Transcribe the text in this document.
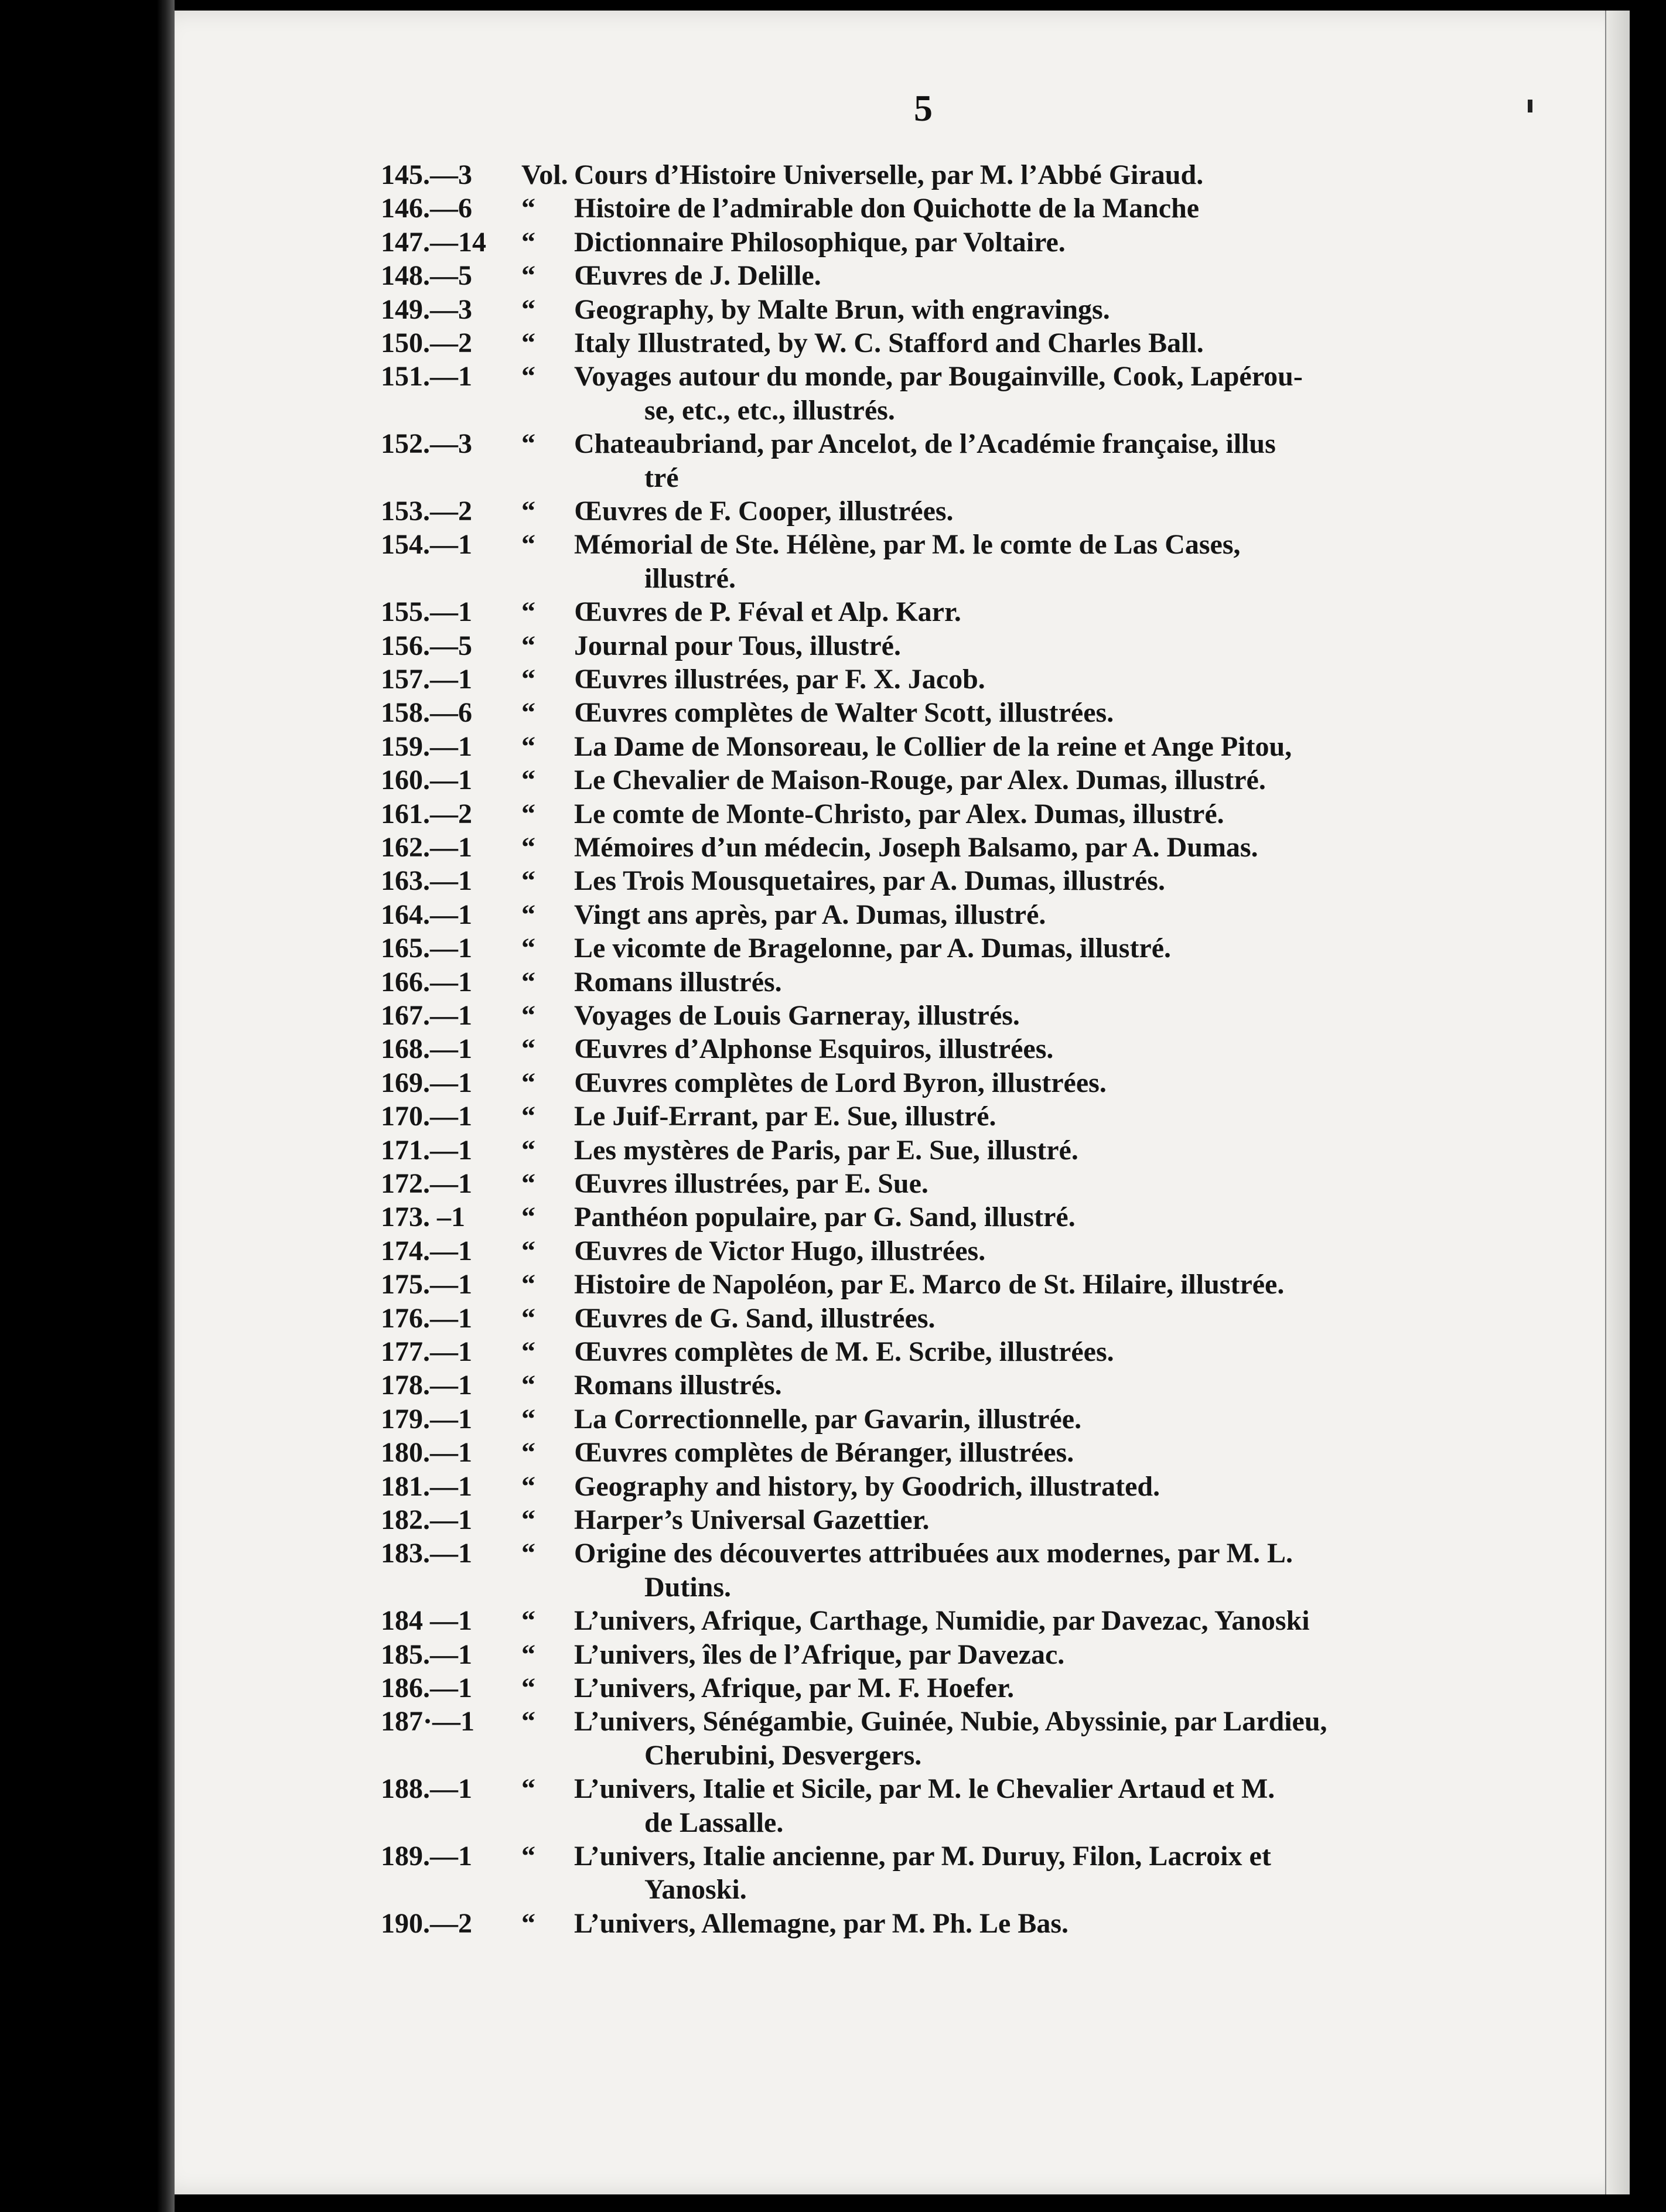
5
145.—3 Vol. Cours d’Histoire Universelle, par M. l’Abbé Giraud.
146.—6 “ Histoire de l’admirable don Quichotte de la Manche
147.—14 “ Dictionnaire Philosophique, par Voltaire.
148.—5 “ Œuvres de J. Delille.
149.—3 “ Geography, by Malte Brun, with engravings.
150.—2 “ Italy Illustrated, by W. C. Stafford and Charles Ball.
151.—1 “ Voyages autour du monde, par Bougainville, Cook, Lapérou-
se, etc., etc., illustrés.
152.—3 “ Chateaubriand, par Ancelot, de l’Académie française, illus
tré
153.—2 “ Œuvres de F. Cooper, illustrées.
154.—1 “ Mémorial de Ste. Hélène, par M. le comte de Las Cases,
illustré.
155.—1 “ Œuvres de P. Féval et Alp. Karr.
156.—5 “ Journal pour Tous, illustré.
157.—1 “ Œuvres illustrées, par F. X. Jacob.
158.—6 “ Œuvres complètes de Walter Scott, illustrées.
159.—1 “ La Dame de Monsoreau, le Collier de la reine et Ange Pitou,
160.—1 “ Le Chevalier de Maison-Rouge, par Alex. Dumas, illustré.
161.—2 “ Le comte de Monte-Christo, par Alex. Dumas, illustré.
162.—1 “ Mémoires d’un médecin, Joseph Balsamo, par A. Dumas.
163.—1 “ Les Trois Mousquetaires, par A. Dumas, illustrés.
164.—1 “ Vingt ans après, par A. Dumas, illustré.
165.—1 “ Le vicomte de Bragelonne, par A. Dumas, illustré.
166.—1 “ Romans illustrés.
167.—1 “ Voyages de Louis Garneray, illustrés.
168.—1 “ Œuvres d’Alphonse Esquiros, illustrées.
169.—1 “ Œuvres complètes de Lord Byron, illustrées.
170.—1 “ Le Juif-Errant, par E. Sue, illustré.
171.—1 “ Les mystères de Paris, par E. Sue, illustré.
172.—1 “ Œuvres illustrées, par E. Sue.
173. –1 “ Panthéon populaire, par G. Sand, illustré.
174.—1 “ Œuvres de Victor Hugo, illustrées.
175.—1 “ Histoire de Napoléon, par E. Marco de St. Hilaire, illustrée.
176.—1 “ Œuvres de G. Sand, illustrées.
177.—1 “ Œuvres complètes de M. E. Scribe, illustrées.
178.—1 “ Romans illustrés.
179.—1 “ La Correctionnelle, par Gavarin, illustrée.
180.—1 “ Œuvres complètes de Béranger, illustrées.
181.—1 “ Geography and history, by Goodrich, illustrated.
182.—1 “ Harper’s Universal Gazettier.
183.—1 “ Origine des découvertes attribuées aux modernes, par M. L.
Dutins.
184 —1 “ L’univers, Afrique, Carthage, Numidie, par Davezac, Yanoski
185.—1 “ L’univers, îles de l’Afrique, par Davezac.
186.—1 “ L’univers, Afrique, par M. F. Hoefer.
187·—1 “ L’univers, Sénégambie, Guinée, Nubie, Abyssinie, par Lardieu,
Cherubini, Desvergers.
188.—1 “ L’univers, Italie et Sicile, par M. le Chevalier Artaud et M.
de Lassalle.
189.—1 “ L’univers, Italie ancienne, par M. Duruy, Filon, Lacroix et
Yanoski.
190.—2 “ L’univers, Allemagne, par M. Ph. Le Bas.
